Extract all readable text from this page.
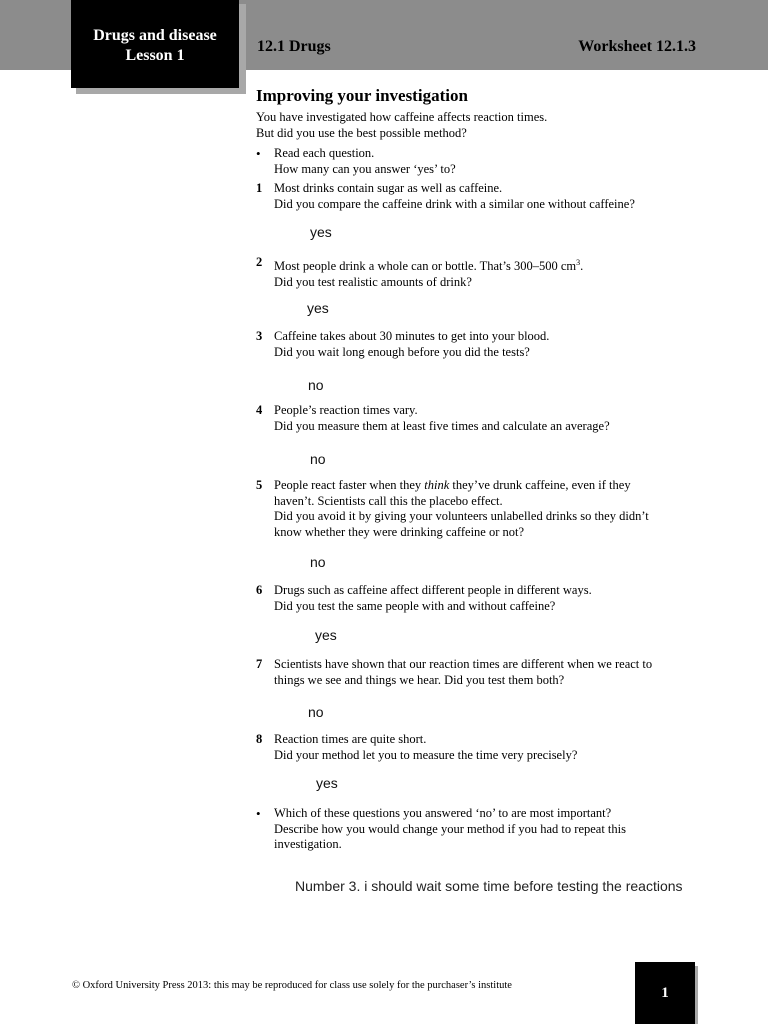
Drugs and disease
Lesson 1
12.1 Drugs	Worksheet 12.1.3
Improving your investigation
You have investigated how caffeine affects reaction times.
But did you use the best possible method?
•	Read each question.
How many can you answer ‘yes’ to?
1 Most drinks contain sugar as well as caffeine.
Did you compare the caffeine drink with a similar one without caffeine?
yes
2 Most people drink a whole can or bottle. That’s 300–500 $cm^3$.
Did you test realistic amounts of drink?
yes
3 Caffeine takes about 30 minutes to get into your blood.
Did you wait long enough before you did the tests?
no
4 People’s reaction times vary.
Did you measure them at least five times and calculate an average?
no
5 People react faster when they think they’ve drunk caffeine, even if they
haven’t. Scientists call this the placebo effect.
Did you avoid it by giving your volunteers unlabelled drinks so they didn’t
know whether they were drinking caffeine or not?
no
6 Drugs such as caffeine affect different people in different ways.
Did you test the same people with and without caffeine?
yes
7 Scientists have shown that our reaction times are different when we react to
things we see and things we hear. Did you test them both?
no
8 Reaction times are quite short.
Did your method let you to measure the time very precisely?
yes
•	Which of these questions you answered ‘no’ to are most important?
Describe how you would change your method if you had to repeat this
investigation.
Number 3. i should wait some time before testing the reactions
© Oxford University Press 2013: this may be reproduced for class use solely for the purchaser’s institute	1
